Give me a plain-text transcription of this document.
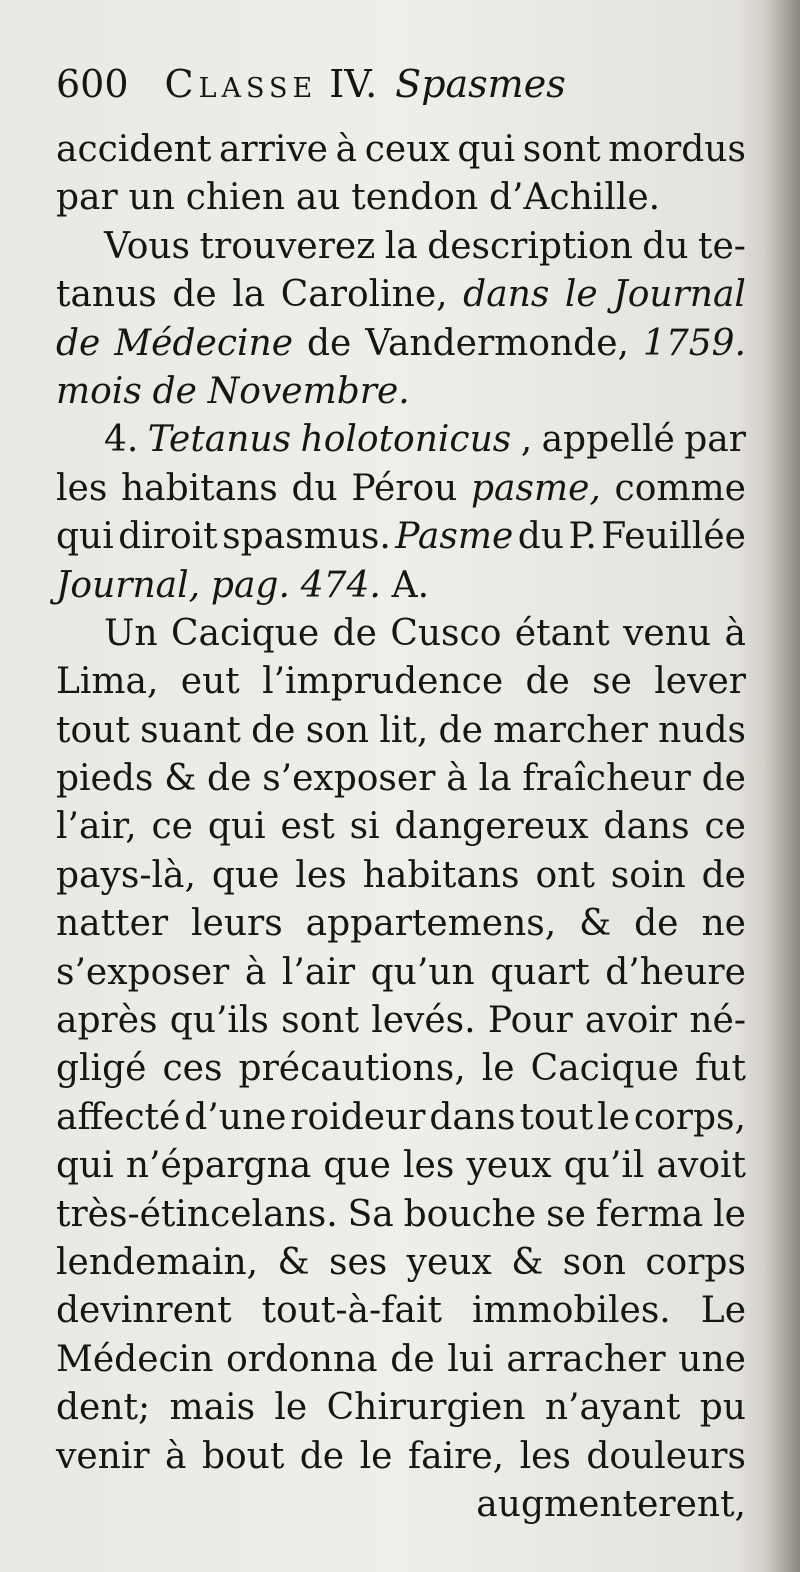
600 Classe IV. Spasmes
accident arrive à ceux qui sont mordus
par un chien au tendon d’Achille.
Vous trouverez la description du te-
tanus de la Caroline, dans le Journal
de Médecine de Vandermonde, 1759.
mois de Novembre.
4. Tetanus holotonicus , appellé par
les habitans du Pérou pasme, comme
qui diroit spasmus. Pasme du P. Feuillée
Journal, pag. 474. A.
Un Cacique de Cusco étant venu à
Lima, eut l’imprudence de se lever
tout suant de son lit, de marcher nuds
pieds & de s’exposer à la fraîcheur de
l’air, ce qui est si dangereux dans ce
pays-là, que les habitans ont soin de
natter leurs appartemens, & de ne
s’exposer à l’air qu’un quart d’heure
après qu’ils sont levés. Pour avoir né-
gligé ces précautions, le Cacique fut
affecté d’une roideur dans tout le corps,
qui n’épargna que les yeux qu’il avoit
très-étincelans. Sa bouche se ferma le
lendemain, & ses yeux & son corps
devinrent tout-à-fait immobiles. Le
Médecin ordonna de lui arracher une
dent; mais le Chirurgien n’ayant pu
venir à bout de le faire, les douleurs
augmenterent,
